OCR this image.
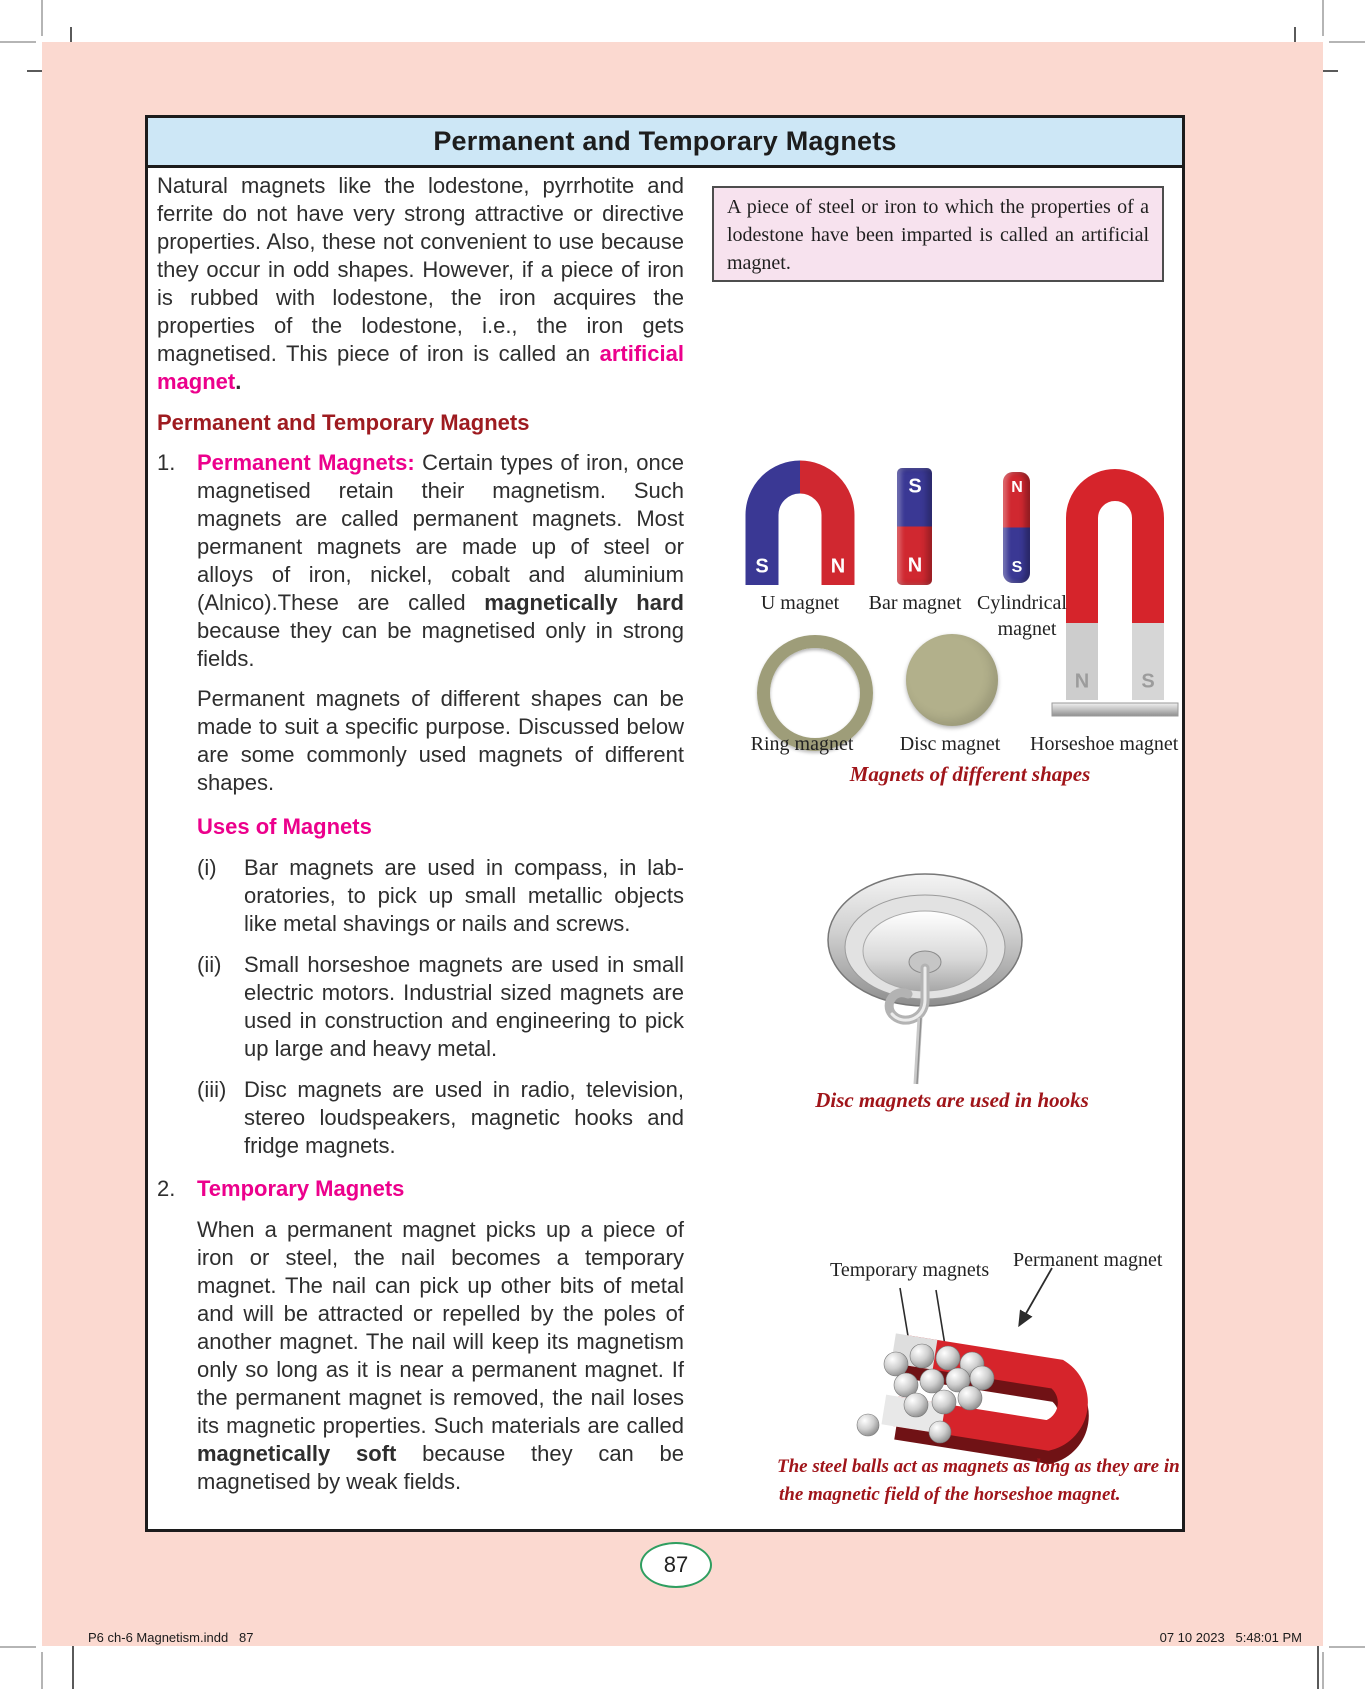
Permanent and Temporary Magnets

Natural magnets like the lodestone, pyrrhotite and ferrite do not have very strong attractive or directive properties. Also, these not convenient to use because they occur in odd shapes. However, if a piece of iron is rubbed with lodestone, the iron acquires the properties of the lodestone, i.e., the iron gets magnetised. This piece of iron is called an artificial magnet.

Permanent and Temporary Magnets
1. Permanent Magnets: Certain types of iron, once magnetised retain their magnetism. Such magnets are called permanent magnets. Most permanent magnets are made up of steel or alloys of iron, nickel, cobalt and aluminium (Alnico).These are called magnetically hard because they can be magnetised only in strong fields.

Permanent magnets of different shapes can be made to suit a specific purpose. Discussed below are some commonly used magnets of different shapes.

Uses of Magnets
(i)	Bar magnets are used in compass, in lab-oratories, to pick up small metallic objects like metal shavings or nails and screws.
(ii)	Small horseshoe magnets are used in small electric motors. Industrial sized magnets are used in construction and engineering to pick up large and heavy metal.
(iii) Disc magnets are used in radio, television, stereo loudspeakers, magnetic hooks and fridge magnets.
2. Temporary Magnets

When a permanent magnet picks up a piece of iron or steel, the nail becomes a temporary magnet. The nail can pick up other bits of metal and will be attracted or repelled by the poles of another magnet. The nail will keep its magnetism only so long as it is near a permanent magnet. If the permanent magnet is removed, the nail loses its magnetic properties. Such materials are called magnetically soft because they can be magnetised by weak fields.

A piece of steel or iron to which the properties of a lodestone have been imparted is called an artificial magnet.
S	N
S
N
N
S
N	S
U magnet Bar magnet Cylindrical
magnet
Ring magnet Disc magnet Horseshoe magnet
Magnets of different shapes
Disc magnets are used in hooks
Temporary magnets Permanent magnet
The steel balls act as magnets as long as they are in
the magnetic field of the horseshoe magnet.
87
P6 ch-6 Magnetism.indd   87	07 10 2023   5:48:01 PM
